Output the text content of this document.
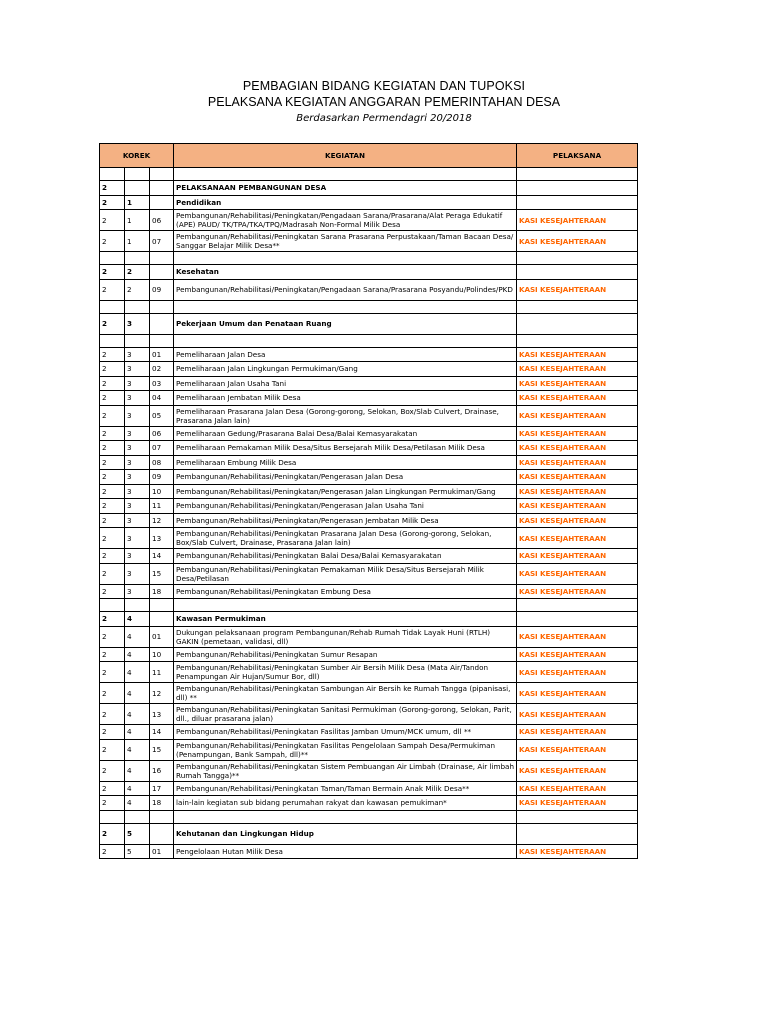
PEMBAGIAN BIDANG KEGIATAN DAN TUPOKSI
PELAKSANA KEGIATAN ANGGARAN PEMERINTAHAN DESA
Berdasarkan Permendagri 20/2018
KOREK			KEGIATAN	PELAKSANA

2			PELAKSANAAN PEMBANGUNAN DESA	
2	1		Pendidikan	
2	1	06	Pembangunan/Rehabilitasi/Peningkatan/Pengadaan Sarana/Prasarana/Alat Peraga Edukatif (APE) PAUD/ TK/TPA/TKA/TPQ/Madrasah Non-Formal Milik Desa	KASI KESEJAHTERAAN
2	1	07	Pembangunan/Rehabilitasi/Peningkatan Sarana Prasarana Perpustakaan/Taman Bacaan Desa/ Sanggar Belajar Milik Desa**	KASI KESEJAHTERAAN

2	2		Kesehatan	
2	2	09	Pembangunan/Rehabilitasi/Peningkatan/Pengadaan Sarana/Prasarana Posyandu/Polindes/PKD	KASI KESEJAHTERAAN

2	3		Pekerjaan Umum dan Penataan Ruang	

2	3	01	Pemeliharaan Jalan Desa	KASI KESEJAHTERAAN
2	3	02	Pemeliharaan Jalan Lingkungan Permukiman/Gang	KASI KESEJAHTERAAN
2	3	03	Pemeliharaan Jalan Usaha Tani	KASI KESEJAHTERAAN
2	3	04	Pemeliharaan Jembatan Milik Desa	KASI KESEJAHTERAAN
2	3	05	Pemeliharaan Prasarana Jalan Desa (Gorong-gorong, Selokan, Box/Slab Culvert, Drainase, Prasarana Jalan lain)	KASI KESEJAHTERAAN
2	3	06	Pemeliharaan Gedung/Prasarana Balai Desa/Balai Kemasyarakatan	KASI KESEJAHTERAAN
2	3	07	Pemeliharaan Pemakaman Milik Desa/Situs Bersejarah Milik Desa/Petilasan Milik Desa	KASI KESEJAHTERAAN
2	3	08	Pemeliharaan Embung Milik Desa	KASI KESEJAHTERAAN
2	3	09	Pembangunan/Rehabilitasi/Peningkatan/Pengerasan Jalan Desa	KASI KESEJAHTERAAN
2	3	10	Pembangunan/Rehabilitasi/Peningkatan/Pengerasan Jalan Lingkungan Permukiman/Gang	KASI KESEJAHTERAAN
2	3	11	Pembangunan/Rehabilitasi/Peningkatan/Pengerasan Jalan Usaha Tani	KASI KESEJAHTERAAN
2	3	12	Pembangunan/Rehabilitasi/Peningkatan/Pengerasan Jembatan Milik Desa	KASI KESEJAHTERAAN
2	3	13	Pembangunan/Rehabilitasi/Peningkatan Prasarana Jalan Desa (Gorong-gorong, Selokan, Box/Slab Culvert, Drainase, Prasarana Jalan lain)	KASI KESEJAHTERAAN
2	3	14	Pembangunan/Rehabilitasi/Peningkatan Balai Desa/Balai Kemasyarakatan	KASI KESEJAHTERAAN
2	3	15	Pembangunan/Rehabilitasi/Peningkatan Pemakaman Milik Desa/Situs Bersejarah Milik Desa/Petilasan	KASI KESEJAHTERAAN
2	3	18	Pembangunan/Rehabilitasi/Peningkatan Embung Desa	KASI KESEJAHTERAAN

2	4		Kawasan Permukiman	
2	4	01	Dukungan pelaksanaan program Pembangunan/Rehab Rumah Tidak Layak Huni (RTLH) GAKIN (pemetaan, validasi, dll)	KASI KESEJAHTERAAN
2	4	10	Pembangunan/Rehabilitasi/Peningkatan Sumur Resapan	KASI KESEJAHTERAAN
2	4	11	Pembangunan/Rehabilitasi/Peningkatan Sumber Air Bersih Milik Desa (Mata Air/Tandon Penampungan Air Hujan/Sumur Bor, dll)	KASI KESEJAHTERAAN
2	4	12	Pembangunan/Rehabilitasi/Peningkatan Sambungan Air Bersih ke Rumah Tangga (pipanisasi, dll) **	KASI KESEJAHTERAAN
2	4	13	Pembangunan/Rehabilitasi/Peningkatan Sanitasi Permukiman (Gorong-gorong, Selokan, Parit, dll., diluar prasarana jalan)	KASI KESEJAHTERAAN
2	4	14	Pembangunan/Rehabilitasi/Peningkatan Fasilitas Jamban Umum/MCK umum, dll **	KASI KESEJAHTERAAN
2	4	15	Pembangunan/Rehabilitasi/Peningkatan Fasilitas Pengelolaan Sampah Desa/Permukiman (Penampungan, Bank Sampah, dll)**	KASI KESEJAHTERAAN
2	4	16	Pembangunan/Rehabilitasi/Peningkatan Sistem Pembuangan Air Limbah (Drainase, Air limbah Rumah Tangga)**	KASI KESEJAHTERAAN
2	4	17	Pembangunan/Rehabilitasi/Peningkatan Taman/Taman Bermain Anak Milik Desa**	KASI KESEJAHTERAAN
2	4	18	lain-lain kegiatan sub bidang perumahan rakyat dan kawasan pemukiman*	KASI KESEJAHTERAAN

2	5		Kehutanan dan Lingkungan Hidup	
2	5	01	Pengelolaan Hutan Milik Desa	KASI KESEJAHTERAAN
